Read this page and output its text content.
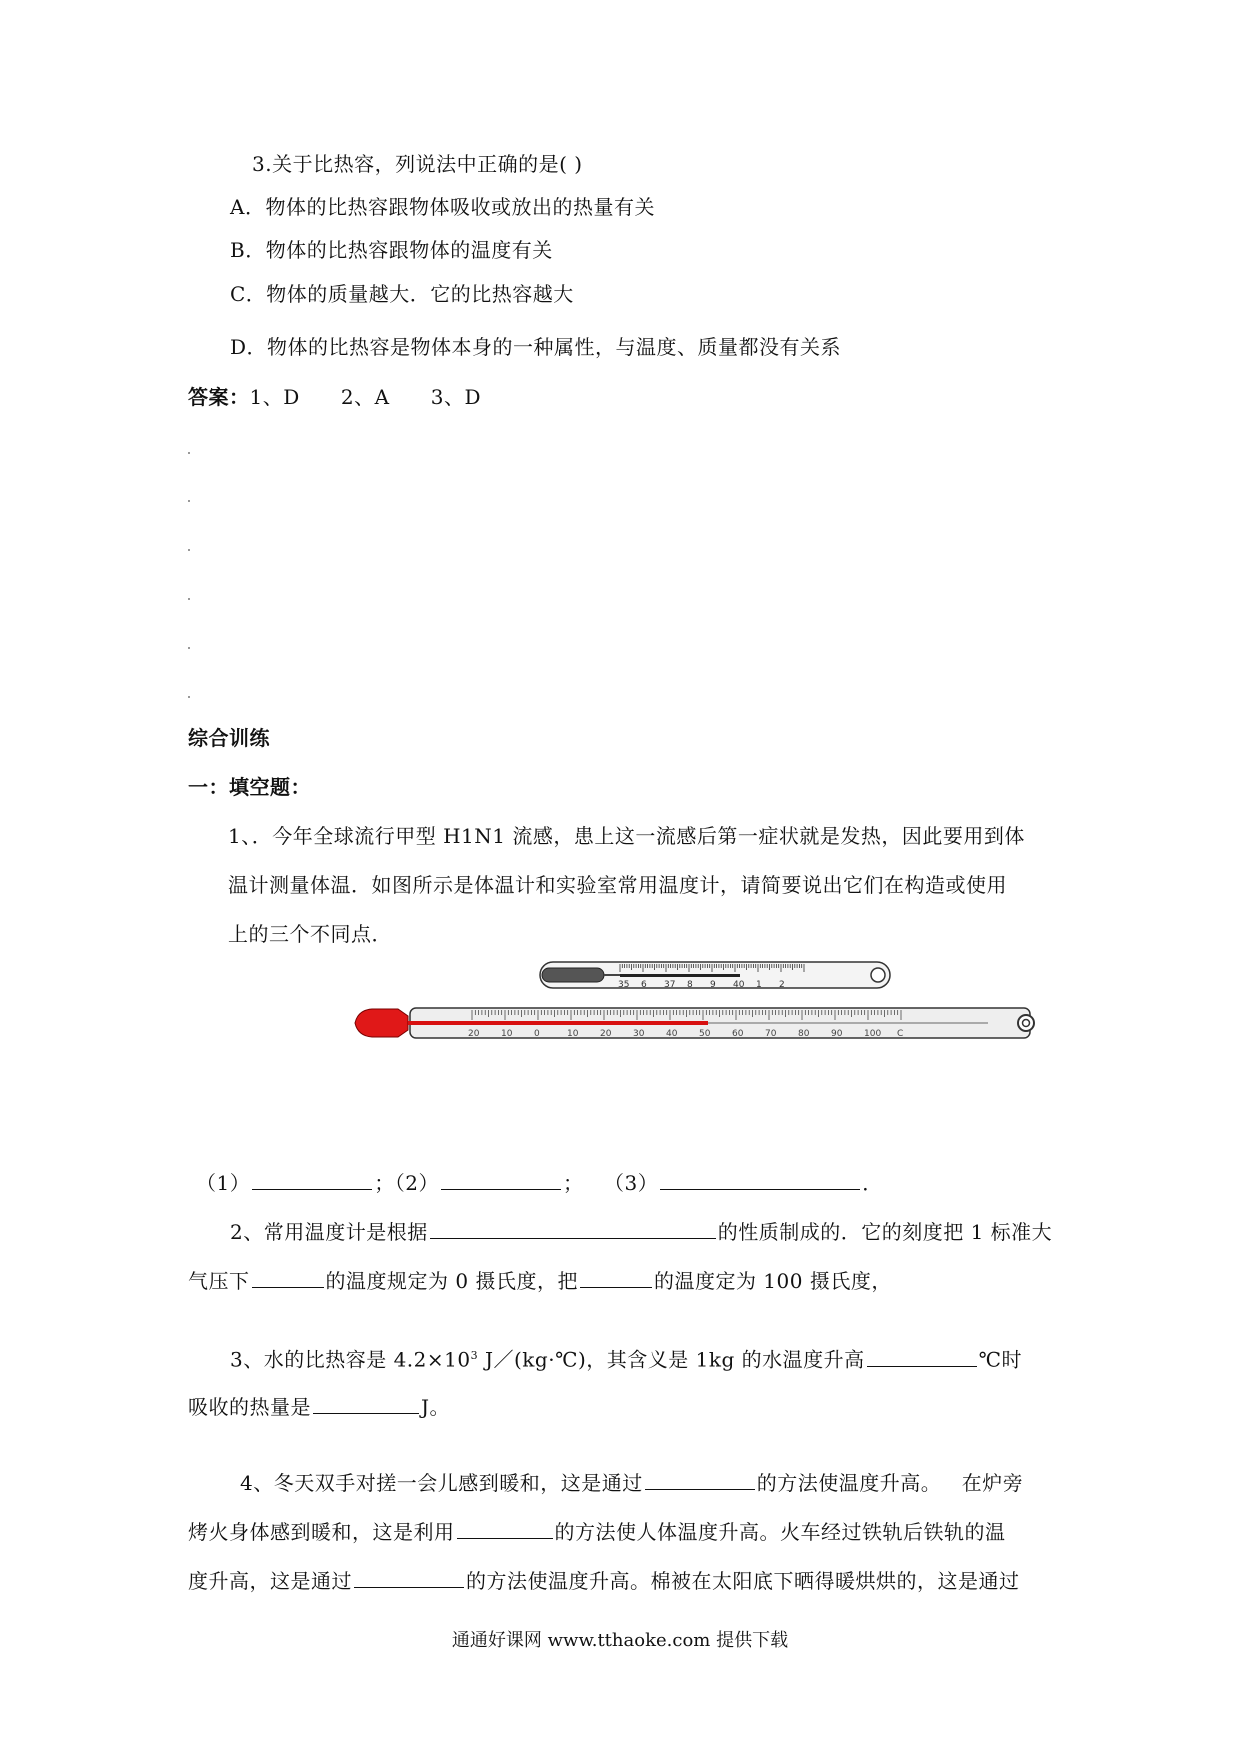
3.关于比热容，列说法中正确的是( )
A．物体的比热容跟物体吸收或放出的热量有关
B．物体的比热容跟物体的温度有关
C．物体的质量越大．它的比热容越大
D．物体的比热容是物体本身的一种属性，与温度、质量都没有关系
答案：1、D      2、A      3、D
综合训练
一：填空题：
1、．今年全球流行甲型 H1N1 流感，患上这一流感后第一症状就是发热，因此要用到体
温计测量体温．如图所示是体温计和实验室常用温度计，请简要说出它们在构造或使用
上的三个不同点．
35 6 37 8 9 40 1 2
20 10 0	10 20 30 40 50 60 70 80 90 100 C
（1）	；（2）	；   （3）	．
2、常用温度计是根据	的性质制成的．它的刻度把 1 标准大
气压下	的温度规定为 0 摄氏度，把	的温度定为 100 摄氏度，
3、水的比热容是 $4.2\times 10^3$ J／(kg·℃)，其含义是 1kg 的水温度升高	℃时
吸收的热量是	J。
4、冬天双手对搓一会儿感到暖和，这是通过	的方法使温度升高。   在炉旁
烤火身体感到暖和，这是利用	的方法使人体温度升高。火车经过铁轨后铁轨的温
度升高，这是通过	的方法使温度升高。棉被在太阳底下晒得暖烘烘的，这是通过
通通好课网 www.tthaoke.com 提供下载
